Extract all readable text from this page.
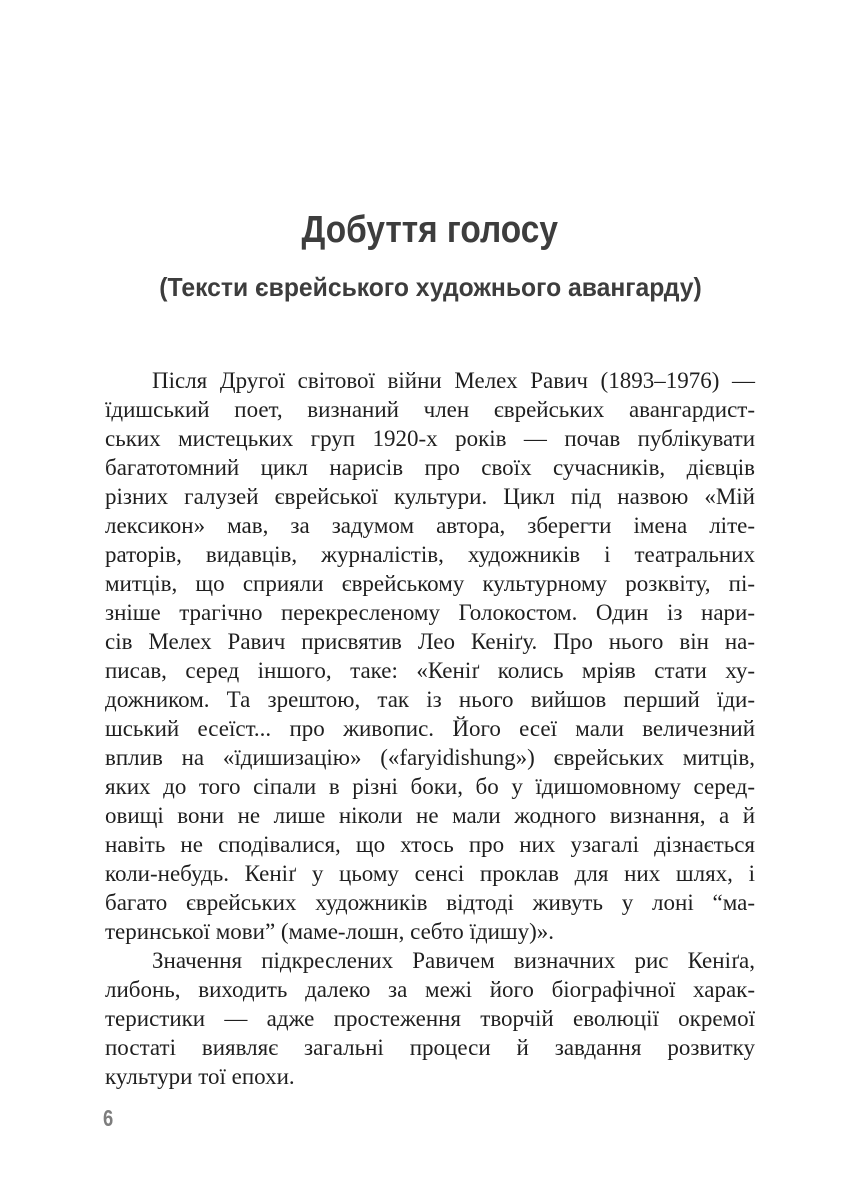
Добуття голосу
(Тексти єврейського художнього авангарду)
Після Другої світової війни Мелех Равич (1893–1976) —
їдишський поет, визнаний член єврейських авангардист-
ських мистецьких груп 1920-х років — почав публікувати
багатотомний цикл нарисів про своїх сучасників, дієвців
різних галузей єврейської культури. Цикл під назвою «Мій
лексикон» мав, за задумом автора, зберегти імена літе-
раторів, видавців, журналістів, художників і театральних
митців, що сприяли єврейському культурному розквіту, пі-
зніше трагічно перекресленому Голокостом. Один із нари-
сів Мелех Равич присвятив Лео Кеніґу. Про нього він на-
писав, серед іншого, таке: «Кеніґ колись мріяв стати ху-
дожником. Та зрештою, так із нього вийшов перший їди-
шський есеїст... про живопис. Його есеї мали величезний
вплив на «їдишизацію» («faryidishung») єврейських митців,
яких до того сіпали в різні боки, бо у їдишомовному серед-
овищі вони не лише ніколи не мали жодного визнання, а й
навіть не сподівалися, що хтось про них узагалі дізнається
коли-небудь. Кеніґ у цьому сенсі проклав для них шлях, і
багато єврейських художників відтоді живуть у лоні “ма-
теринської мови” (маме-лошн, себто їдишу)».
Значення підкреслених Равичем визначних рис Кеніґа,
либонь, виходить далеко за межі його біографічної харак-
теристики — адже простеження творчій еволюції окремої
постаті виявляє загальні процеси й завдання розвитку
культури тої епохи.
6
